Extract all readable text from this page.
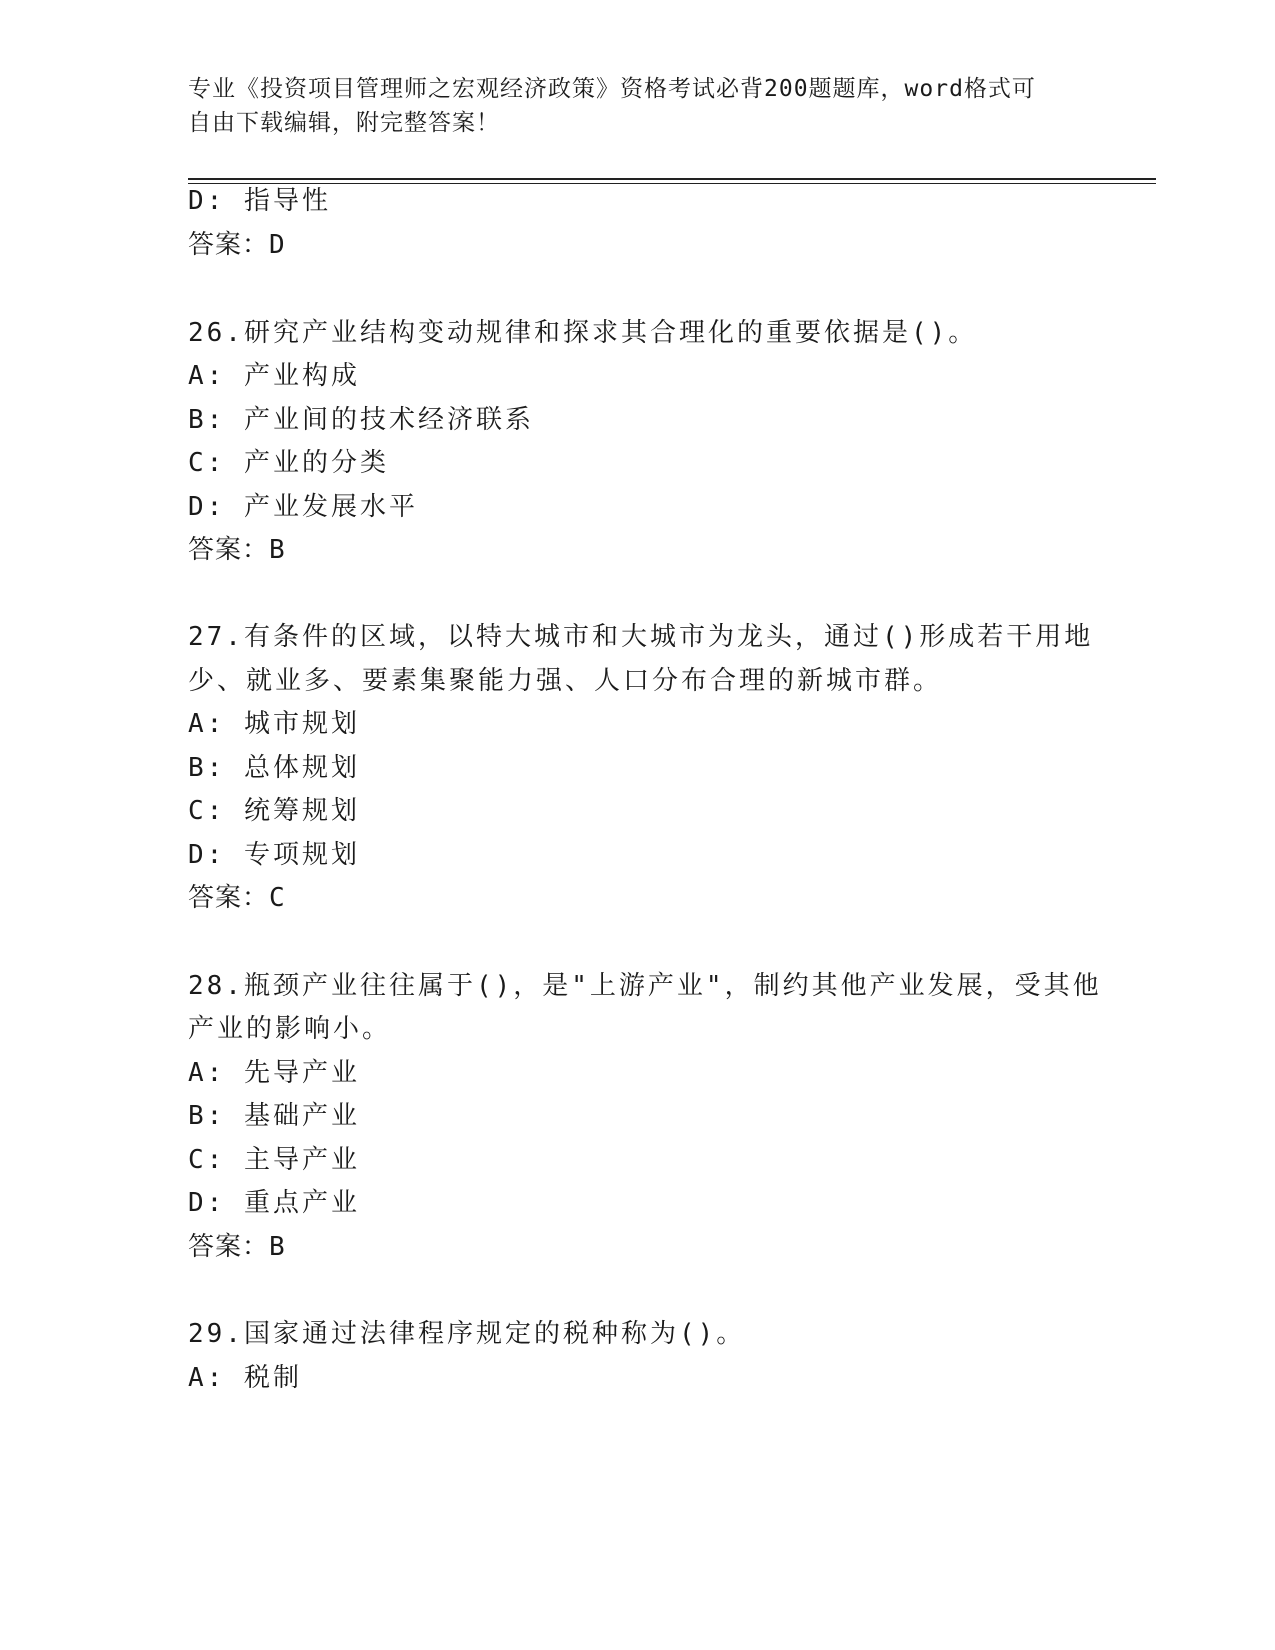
专业《投资项目管理师之宏观经济政策》资格考试必背200题题库，word格式可
自由下载编辑，附完整答案！
D: 指导性
答案：D
26.研究产业结构变动规律和探求其合理化的重要依据是()。
A: 产业构成
B: 产业间的技术经济联系
C: 产业的分类
D: 产业发展水平
答案：B
27.有条件的区域，以特大城市和大城市为龙头，通过()形成若干用地
少、就业多、要素集聚能力强、人口分布合理的新城市群。
A: 城市规划
B: 总体规划
C: 统筹规划
D: 专项规划
答案：C
28.瓶颈产业往往属于()，是"上游产业"，制约其他产业发展，受其他
产业的影响小。
A: 先导产业
B: 基础产业
C: 主导产业
D: 重点产业
答案：B
29.国家通过法律程序规定的税种称为()。
A: 税制
